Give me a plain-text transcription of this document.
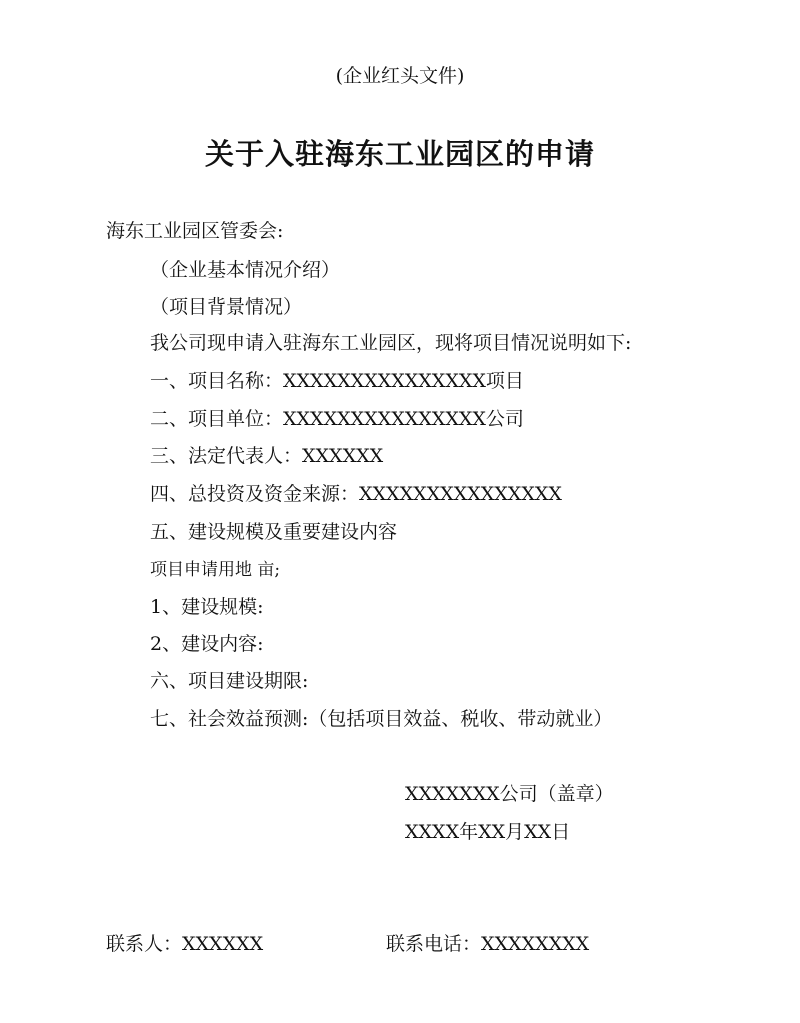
(企业红头文件)
关于入驻海东工业园区的申请
海东工业园区管委会:
（企业基本情况介绍）
（项目背景情况）
我公司现申请入驻海东工业园区，现将项目情况说明如下:
一、项目名称：XXXXXXXXXXXXXXX项目
二、项目单位：XXXXXXXXXXXXXXX公司
三、法定代表人：XXXXXX
四、总投资及资金来源：XXXXXXXXXXXXXXX
五、建设规模及重要建设内容
项目申请用地 亩;
1、建设规模:
2、建设内容:
六、项目建设期限:
七、社会效益预测:（包括项目效益、税收、带动就业）
XXXXXXX公司（盖章）
XXXX年XX月XX日
联系人：XXXXXX	联系电话：XXXXXXXX
